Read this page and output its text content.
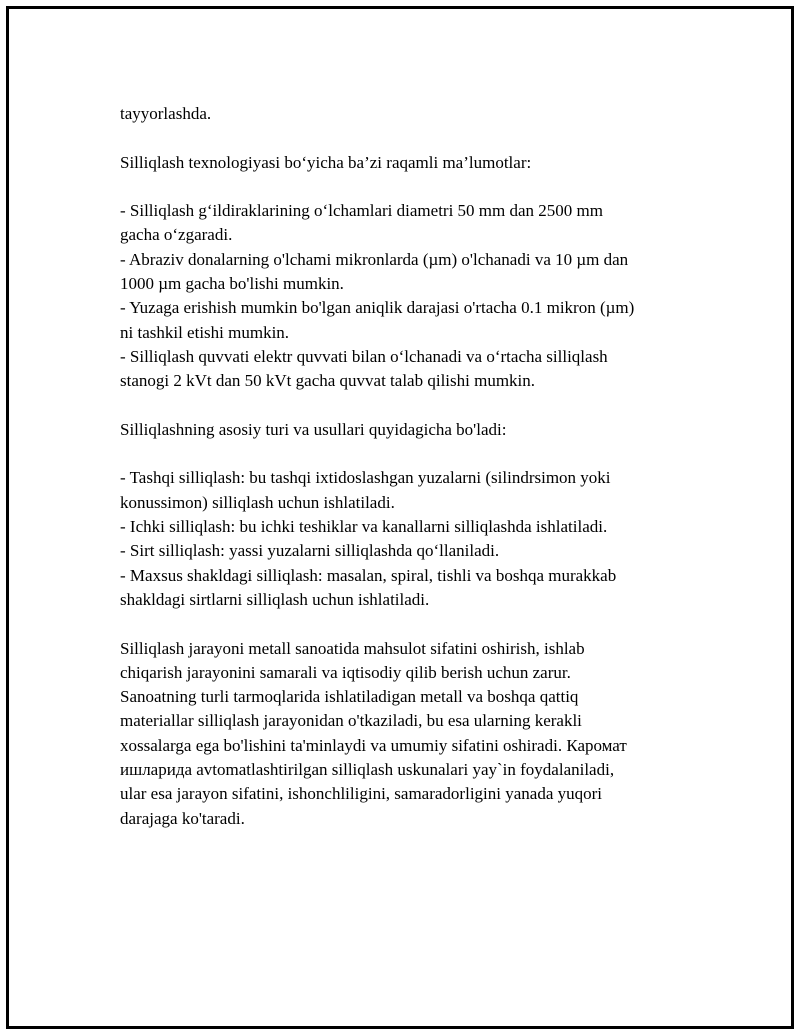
tayyorlashda.
Silliqlash texnologiyasi bo‘yicha ba’zi raqamli ma’lumotlar:
- Silliqlash g‘ildiraklarining o‘lchamlari diametri 50 mm dan 2500 mm
gacha o‘zgaradi.
- Abraziv donalarning o'lchami mikronlarda (µm) o'lchanadi va 10 µm dan
1000 µm gacha bo'lishi mumkin.
- Yuzaga erishish mumkin bo'lgan aniqlik darajasi o'rtacha 0.1 mikron (µm)
ni tashkil etishi mumkin.
- Silliqlash quvvati elektr quvvati bilan o‘lchanadi va o‘rtacha silliqlash
stanogi 2 kVt dan 50 kVt gacha quvvat talab qilishi mumkin.
Silliqlashning asosiy turi va usullari quyidagicha bo'ladi:
- Tashqi silliqlash: bu tashqi ixtidoslashgan yuzalarni (silindrsimon yoki
konussimon) silliqlash uchun ishlatiladi.
- Ichki silliqlash: bu ichki teshiklar va kanallarni silliqlashda ishlatiladi.
- Sirt silliqlash: yassi yuzalarni silliqlashda qo‘llaniladi.
- Maxsus shakldagi silliqlash: masalan, spiral, tishli va boshqa murakkab
shakldagi sirtlarni silliqlash uchun ishlatiladi.
Silliqlash jarayoni metall sanoatida mahsulot sifatini oshirish, ishlab
chiqarish jarayonini samarali va iqtisodiy qilib berish uchun zarur.
Sanoatning turli tarmoqlarida ishlatiladigan metall va boshqa qattiq
materiallar silliqlash jarayonidan o'tkaziladi, bu esa ularning kerakli
xossalarga ega bo'lishini ta'minlaydi va umumiy sifatini oshiradi. Каромат
ишларида avtomatlashtirilgan silliqlash uskunalari yay`in foydalaniladi,
ular esa jarayon sifatini, ishonchliligini, samaradorligini yanada yuqori
darajaga ko'taradi.
